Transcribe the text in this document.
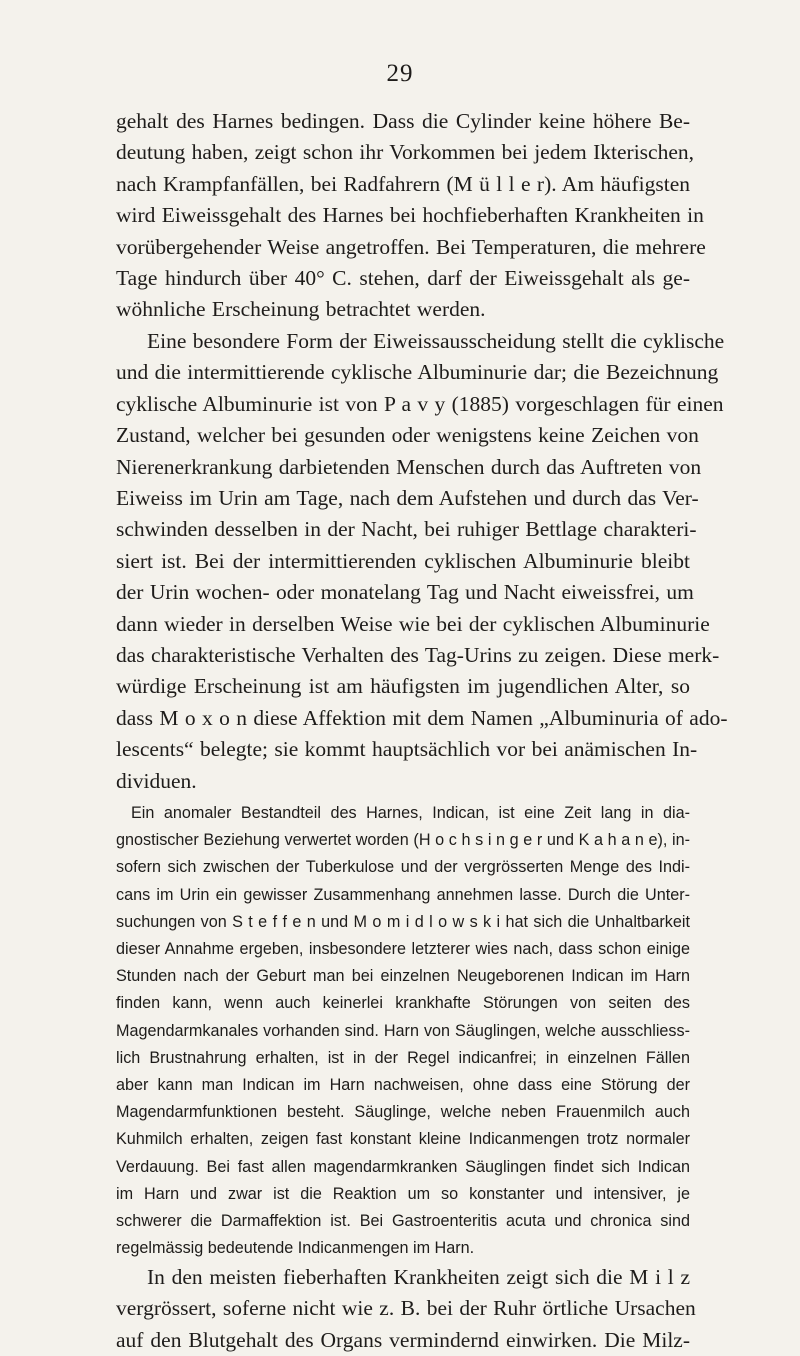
29

gehalt des Harnes bedingen. Dass die Cylinder keine höhere Be-

deutung haben, zeigt schon ihr Vorkommen bei jedem Ikterischen,

nach Krampfanfällen, bei Radfahrern (M ü l l e r). Am häufigsten

wird Eiweissgehalt des Harnes bei hochfieberhaften Krankheiten in

vorübergehender Weise angetroffen. Bei Temperaturen, die mehrere

Tage hindurch über 40° C. stehen, darf der Eiweissgehalt als ge-

wöhnliche Erscheinung betrachtet werden.

Eine besondere Form der Eiweissausscheidung stellt die cyklische

und die intermittierende cyklische Albuminurie dar; die Bezeichnung

cyklische Albuminurie ist von P a v y (1885) vorgeschlagen für einen

Zustand, welcher bei gesunden oder wenigstens keine Zeichen von

Nierenerkrankung darbietenden Menschen durch das Auftreten von

Eiweiss im Urin am Tage, nach dem Aufstehen und durch das Ver-

schwinden desselben in der Nacht, bei ruhiger Bettlage charakteri-

siert ist. Bei der intermittierenden cyklischen Albuminurie bleibt

der Urin wochen- oder monatelang Tag und Nacht eiweissfrei, um

dann wieder in derselben Weise wie bei der cyklischen Albuminurie

das charakteristische Verhalten des Tag-Urins zu zeigen. Diese merk-

würdige Erscheinung ist am häufigsten im jugendlichen Alter, so

dass M o x o n diese Affektion mit dem Namen „Albuminuria of ado-

lescents“ belegte; sie kommt hauptsächlich vor bei anämischen In-

dividuen.

Ein anomaler Bestandteil des Harnes, Indican, ist eine Zeit lang in dia-

gnostischer Beziehung verwertet worden (H o c h s i n g e r und K a h a n e), in-

sofern sich zwischen der Tuberkulose und der vergrösserten Menge des Indi-

cans im Urin ein gewisser Zusammenhang annehmen lasse. Durch die Unter-

suchungen von S t e f f e n und M o m i d l o w s k i hat sich die Unhaltbarkeit

dieser Annahme ergeben, insbesondere letzterer wies nach, dass schon einige

Stunden nach der Geburt man bei einzelnen Neugeborenen Indican im Harn

finden kann, wenn auch keinerlei krankhafte Störungen von seiten des

Magendarmkanales vorhanden sind. Harn von Säuglingen, welche ausschliess-

lich Brustnahrung erhalten, ist in der Regel indicanfrei; in einzelnen Fällen

aber kann man Indican im Harn nachweisen, ohne dass eine Störung der

Magendarmfunktionen besteht. Säuglinge, welche neben Frauenmilch auch

Kuhmilch erhalten, zeigen fast konstant kleine Indicanmengen trotz normaler

Verdauung. Bei fast allen magendarmkranken Säuglingen findet sich Indican

im Harn und zwar ist die Reaktion um so konstanter und intensiver, je

schwerer die Darmaffektion ist. Bei Gastroenteritis acuta und chronica sind

regelmässig bedeutende Indicanmengen im Harn.

In den meisten fieberhaften Krankheiten zeigt sich die M i l z

vergrössert, soferne nicht wie z. B. bei der Ruhr örtliche Ursachen

auf den Blutgehalt des Organs vermindernd einwirken. Die Milz-
